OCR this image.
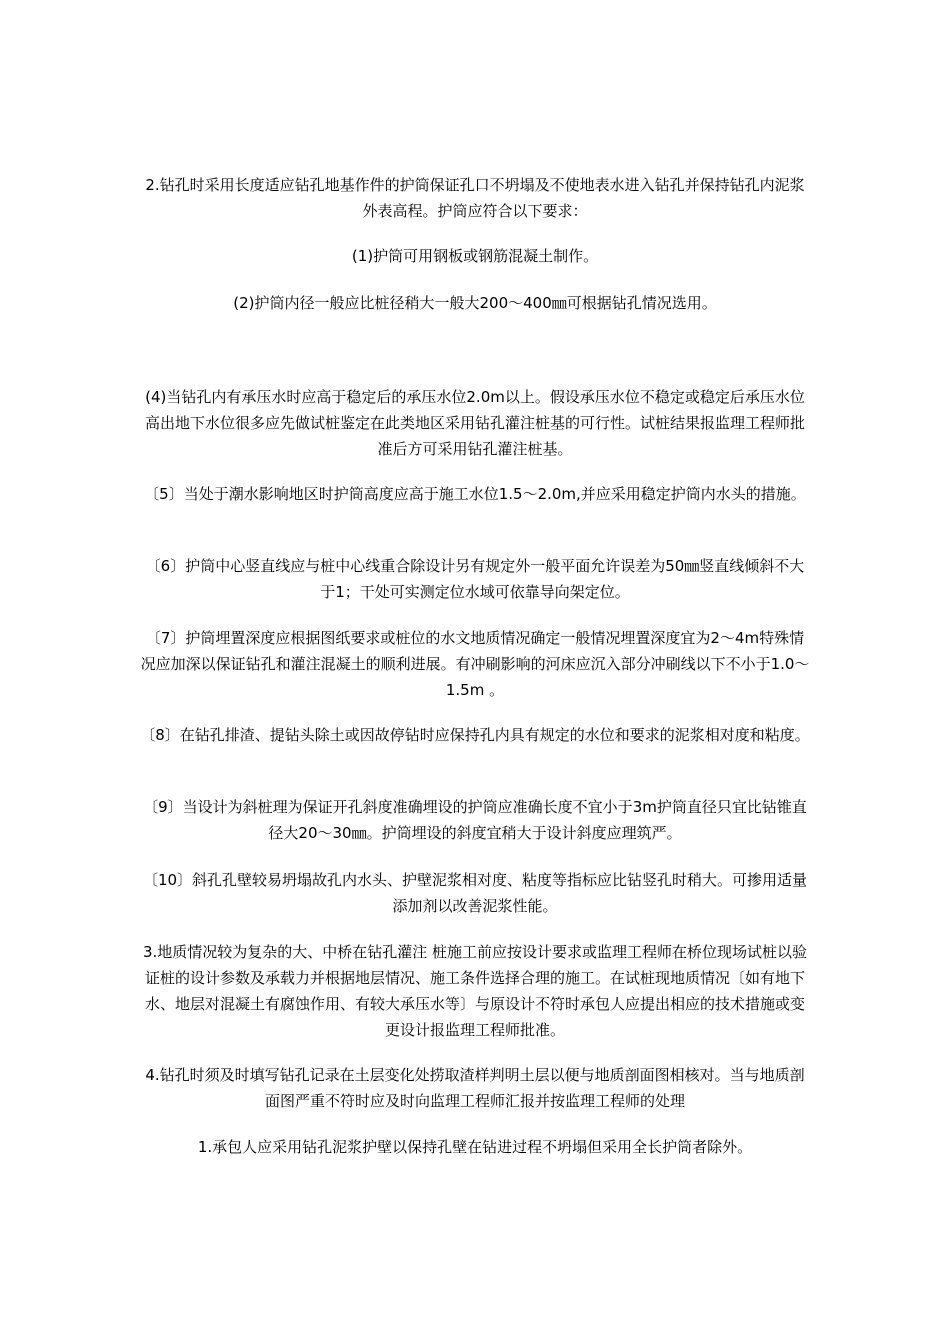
2.钻孔时采用长度适应钻孔地基作件的护筒保证孔口不坍塌及不使地表水进入钻孔并保持钻孔内泥浆外表高程。护筒应符合以下要求：

(1)护筒可用钢板或钢筋混凝土制作。

(2)护筒内径一般应比桩径稍大一般大200～400㎜可根据钻孔情况选用。

(4)当钻孔内有承压水时应高于稳定后的承压水位2.0m以上。假设承压水位不稳定或稳定后承压水位高出地下水位很多应先做试桩鉴定在此类地区采用钻孔灌注桩基的可行性。试桩结果报监理工程师批准后方可采用钻孔灌注桩基。

〔5〕当处于潮水影响地区时护筒高度应高于施工水位1.5～2.0m,并应采用稳定护筒内水头的措施。

〔6〕护筒中心竖直线应与桩中心线重合除设计另有规定外一般平面允许误差为50㎜竖直线倾斜不大于1；干处可实测定位水域可依靠导向架定位。

〔7〕护筒埋置深度应根据图纸要求或桩位的水文地质情况确定一般情况埋置深度宜为2～4m特殊情况应加深以保证钻孔和灌注混凝土的顺利进展。有冲刷影响的河床应沉入部分冲刷线以下不小于1.0～1.5m 。

〔8〕在钻孔排渣、提钻头除土或因故停钻时应保持孔内具有规定的水位和要求的泥浆相对度和粘度。

〔9〕当设计为斜桩理为保证开孔斜度准确埋设的护筒应准确长度不宜小于3m护筒直径只宜比钻锥直径大20～30㎜。护筒埋设的斜度宜稍大于设计斜度应理筑严。

〔10〕斜孔孔壁较易坍塌故孔内水头、护壁泥浆相对度、粘度等指标应比钻竖孔时稍大。可掺用适量添加剂以改善泥浆性能。

3.地质情况较为复杂的大、中桥在钻孔灌注 桩施工前应按设计要求或监理工程师在桥位现场试桩以验证桩的设计参数及承载力并根据地层情况、施工条件选择合理的施工。在试桩现地质情况〔如有地下水、地层对混凝土有腐蚀作用、有较大承压水等〕与原设计不符时承包人应提出相应的技术措施或变更设计报监理工程师批准。

4.钻孔时须及时填写钻孔记录在土层变化处捞取渣样判明土层以便与地质剖面图相核对。当与地质剖面图严重不符时应及时向监理工程师汇报并按监理工程师的处理

1.承包人应采用钻孔泥浆护壁以保持孔壁在钻进过程不坍塌但采用全长护筒者除外。
